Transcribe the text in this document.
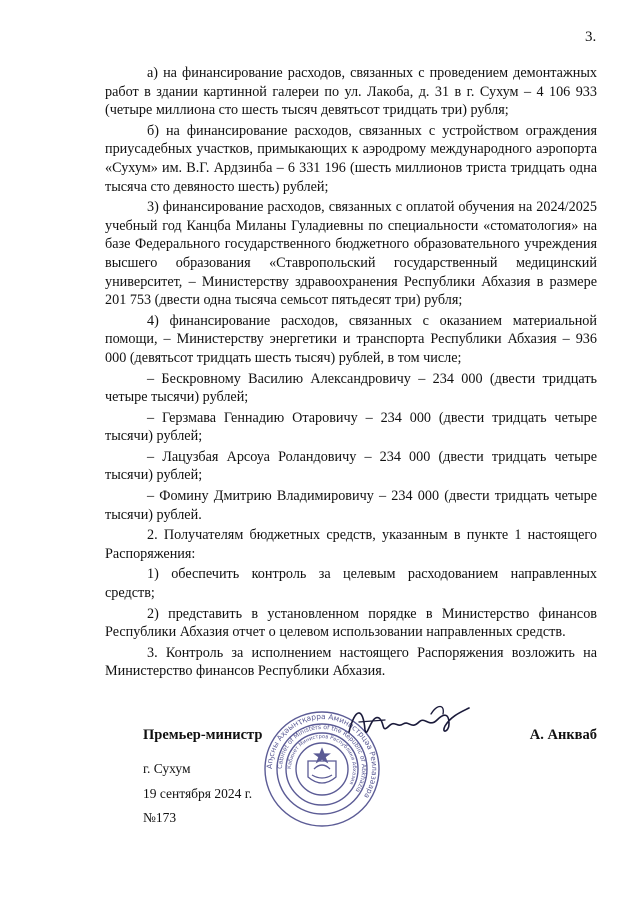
3.

а) на финансирование расходов, связанных с проведением демонтажных работ в здании картинной галереи по ул. Лакоба, д. 31 в г. Сухум – 4 106 933 (четыре миллиона сто шесть тысяч девятьсот тридцать три) рубля;

б) на финансирование расходов, связанных с устройством ограждения приусадебных участков, примыкающих к аэродрому международного аэропорта «Сухум» им. В.Г. Ардзинба – 6 331 196 (шесть миллионов триста тридцать одна тысяча сто девяносто шесть) рублей;

3) финансирование расходов, связанных с оплатой обучения на 2024/2025 учебный год Канцба Миланы Гуладиевны по специальности «стоматология» на базе Федерального государственного бюджетного образовательного учреждения высшего образования «Ставропольский государственный медицинский университет, – Министерству здравоохранения Республики Абхазия в размере 201 753 (двести одна тысяча семьсот пятьдесят три) рубля;

4) финансирование расходов, связанных с оказанием материальной помощи, – Министерству энергетики и транспорта Республики Абхазия – 936 000 (девятьсот тридцать шесть тысяч) рублей, в том числе;

– Бескровному Василию Александровичу – 234 000 (двести тридцать четыре тысячи) рублей;

– Герзмава Геннадию Отаровичу – 234 000 (двести тридцать четыре тысячи) рублей;

– Лацузбая Арсоуа Роландовичу – 234 000 (двести тридцать четыре тысячи) рублей;

– Фомину Дмитрию Владимировичу – 234 000 (двести тридцать четыре тысячи) рублей.

2. Получателям бюджетных средств, указанным в пункте 1 настоящего Распоряжения:

1) обеспечить контроль за целевым расходованием направленных средств;

2) представить в установленном порядке в Министерство финансов Республики Абхазия отчет о целевом использовании направленных средств.

3. Контроль за исполнением настоящего Распоряжения возложить на Министерство финансов Республики Абхазия.

Аҧсны Аҳәынҭқарра Аминистрцәа Реилазаара
Cabinet of Ministers of the Republic of Abkhazia
Кабинет Министров Республики Абхазия
Премьер-министр	А. Анкваб
г. Сухум
19 сентября 2024 г.
№173
